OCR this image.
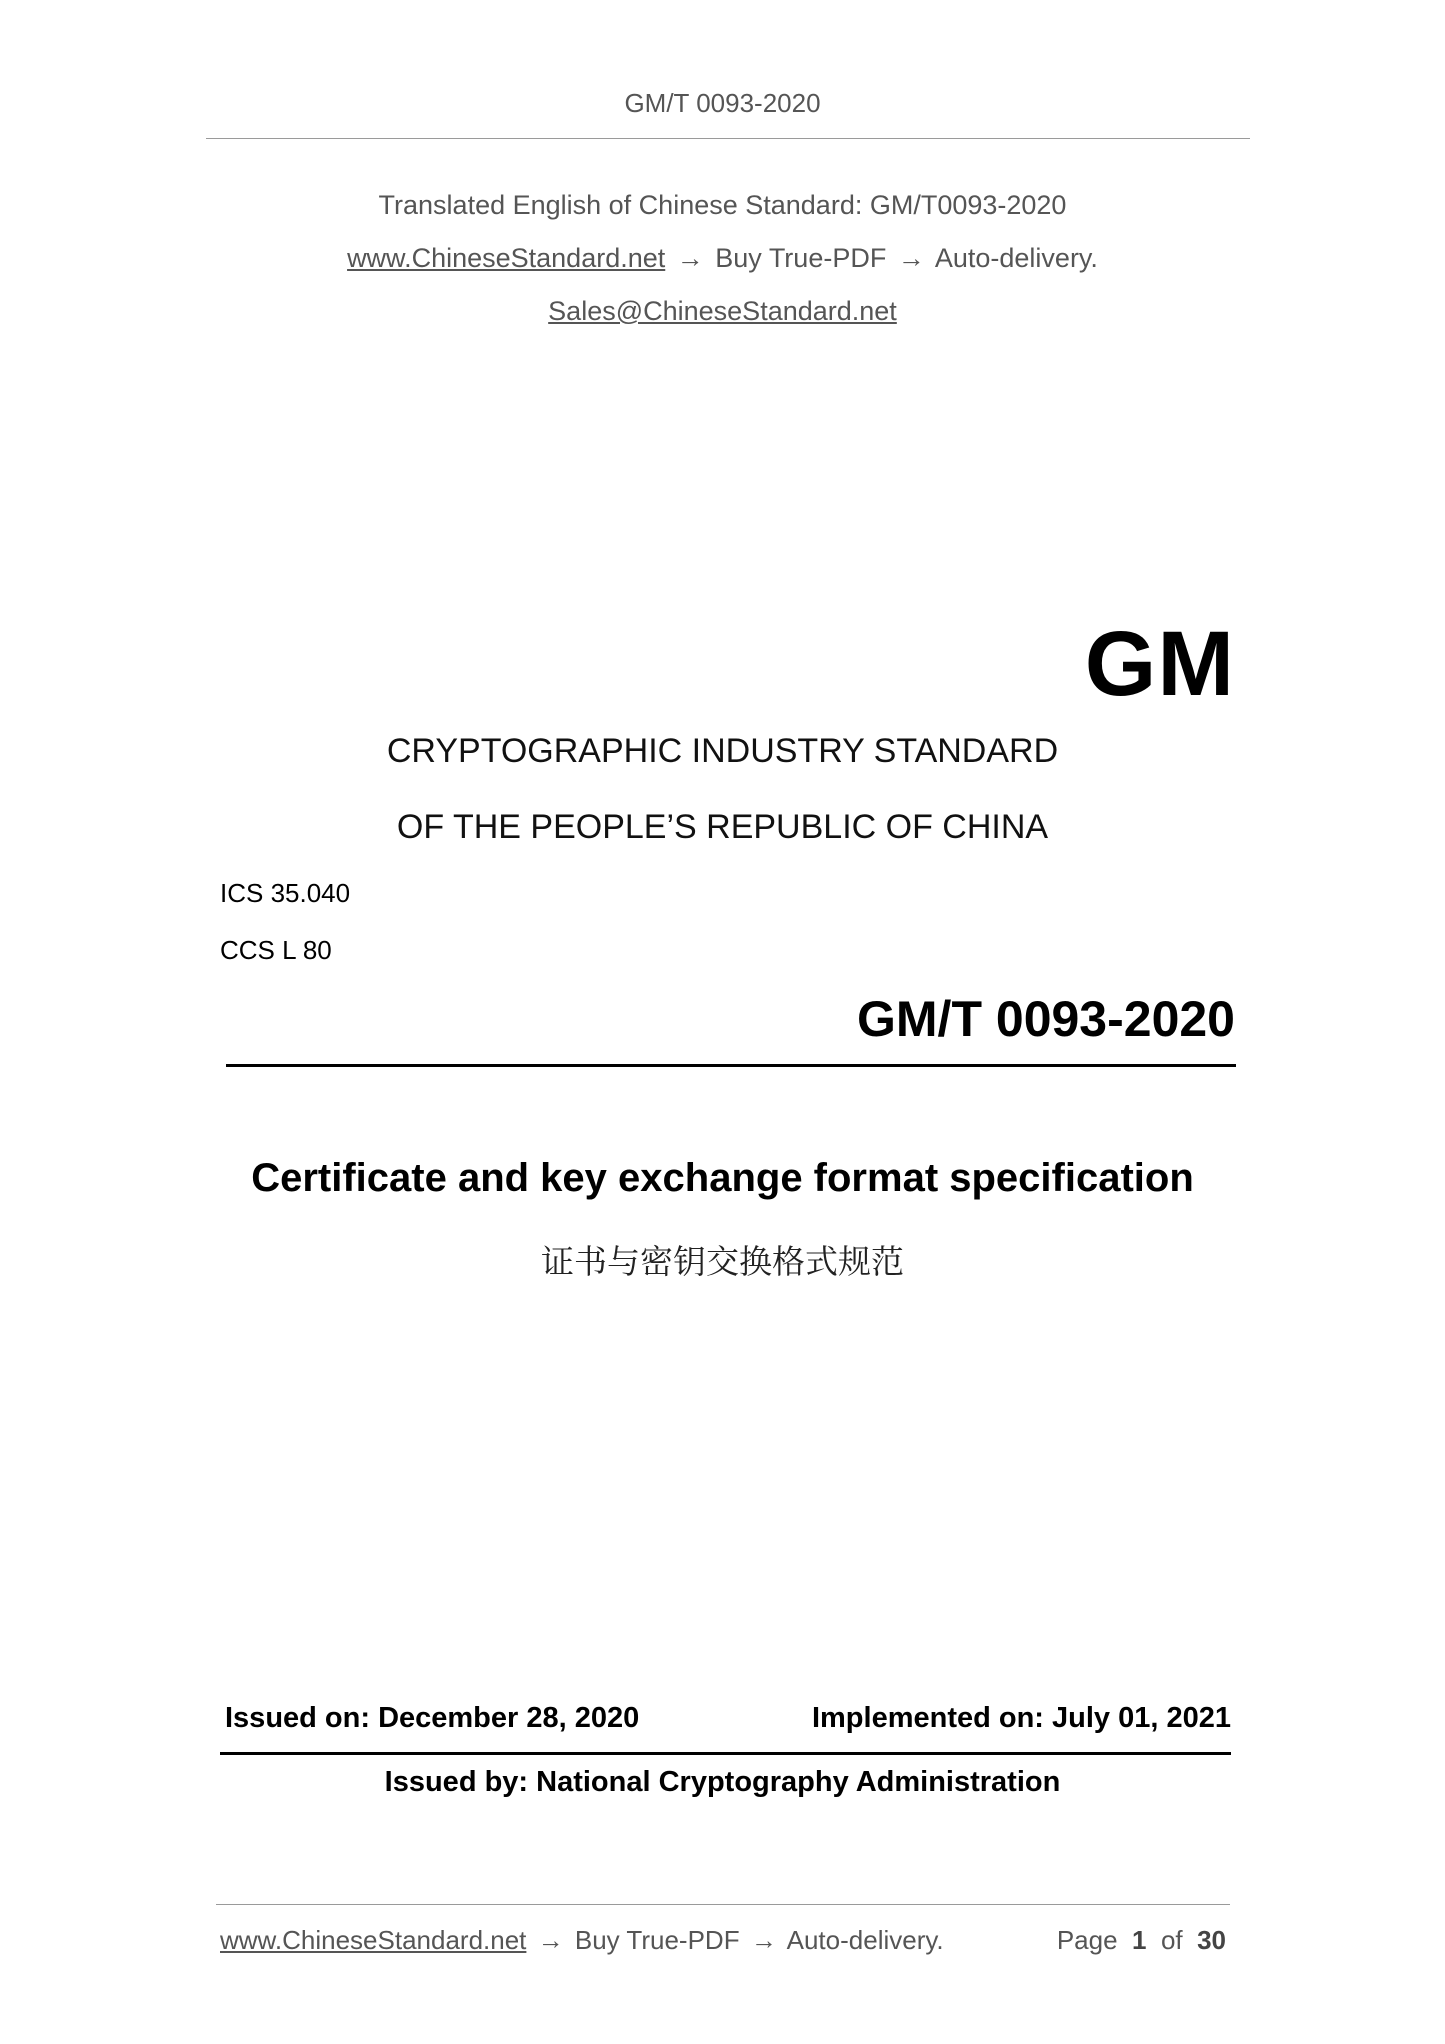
GM/T 0093-2020
Translated English of Chinese Standard: GM/T0093-2020
www.ChineseStandard.net → Buy True-PDF → Auto-delivery.
Sales@ChineseStandard.net
GM
CRYPTOGRAPHIC INDUSTRY STANDARD
OF THE PEOPLE’S REPUBLIC OF CHINA
ICS 35.040
CCS L 80
GM/T 0093-2020
Certificate and key exchange format specification
证书与密钥交换格式规范
Issued on: December 28, 2020	Implemented on: July 01, 2021
Issued by: National Cryptography Administration
www.ChineseStandard.net → Buy True-PDF → Auto-delivery.	Page 1 of 30
